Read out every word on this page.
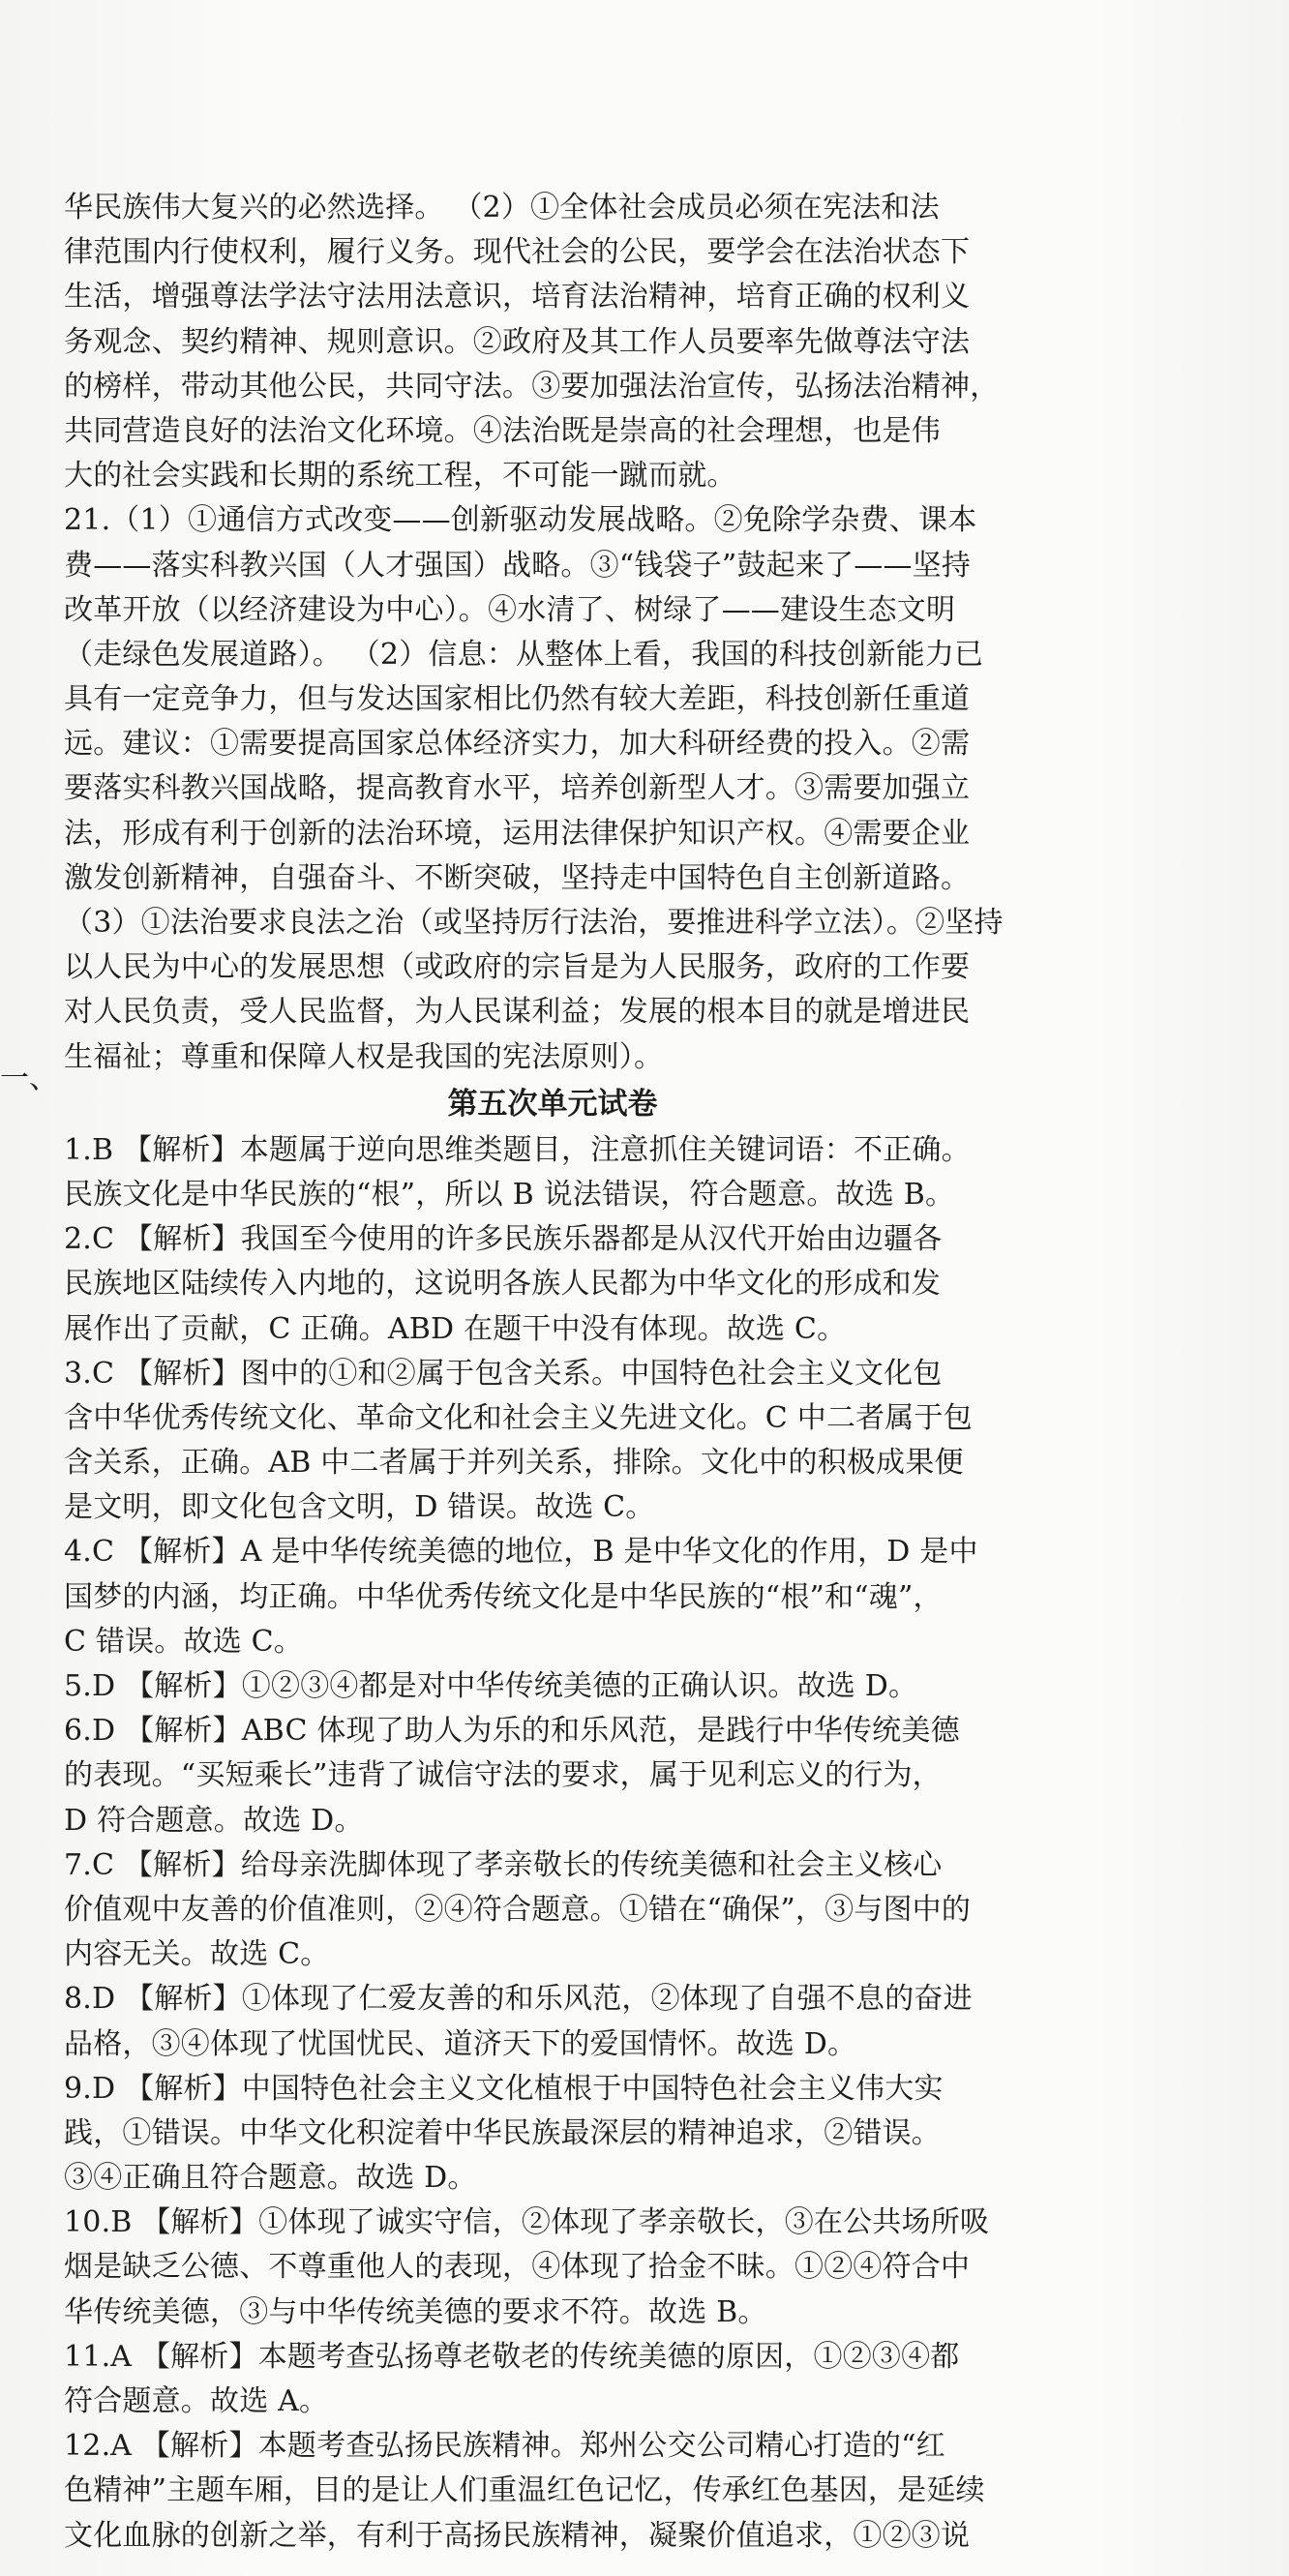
一、
华民族伟大复兴的必然选择。 （2）①全体社会成员必须在宪法和法
律范围内行使权利，履行义务。现代社会的公民，要学会在法治状态下
生活，增强尊法学法守法用法意识，培育法治精神，培育正确的权利义
务观念、契约精神、规则意识。②政府及其工作人员要率先做尊法守法
的榜样，带动其他公民，共同守法。③要加强法治宣传，弘扬法治精神，
共同营造良好的法治文化环境。④法治既是崇高的社会理想，也是伟
大的社会实践和长期的系统工程，不可能一蹴而就。
21.（1）①通信方式改变——创新驱动发展战略。②免除学杂费、课本
费——落实科教兴国（人才强国）战略。③“钱袋子”鼓起来了——坚持
改革开放（以经济建设为中心）。④水清了、树绿了——建设生态文明
（走绿色发展道路）。 （2）信息：从整体上看，我国的科技创新能力已
具有一定竞争力，但与发达国家相比仍然有较大差距，科技创新任重道
远。建议：①需要提高国家总体经济实力，加大科研经费的投入。②需
要落实科教兴国战略，提高教育水平，培养创新型人才。③需要加强立
法，形成有利于创新的法治环境，运用法律保护知识产权。④需要企业
激发创新精神，自强奋斗、不断突破，坚持走中国特色自主创新道路。
（3）①法治要求良法之治（或坚持厉行法治，要推进科学立法）。②坚持
以人民为中心的发展思想（或政府的宗旨是为人民服务，政府的工作要
对人民负责，受人民监督，为人民谋利益；发展的根本目的就是增进民
生福祉；尊重和保障人权是我国的宪法原则）。
第五次单元试卷
1.B 【解析】本题属于逆向思维类题目，注意抓住关键词语：不正确。
民族文化是中华民族的“根”，所以 B 说法错误，符合题意。故选 B。
2.C 【解析】我国至今使用的许多民族乐器都是从汉代开始由边疆各
民族地区陆续传入内地的，这说明各族人民都为中华文化的形成和发
展作出了贡献，C 正确。ABD 在题干中没有体现。故选 C。
3.C 【解析】图中的①和②属于包含关系。中国特色社会主义文化包
含中华优秀传统文化、革命文化和社会主义先进文化。C 中二者属于包
含关系，正确。AB 中二者属于并列关系，排除。文化中的积极成果便
是文明，即文化包含文明，D 错误。故选 C。
4.C 【解析】A 是中华传统美德的地位，B 是中华文化的作用，D 是中
国梦的内涵，均正确。中华优秀传统文化是中华民族的“根”和“魂”，
C 错误。故选 C。
5.D 【解析】①②③④都是对中华传统美德的正确认识。故选 D。
6.D 【解析】ABC 体现了助人为乐的和乐风范，是践行中华传统美德
的表现。“买短乘长”违背了诚信守法的要求，属于见利忘义的行为，
D 符合题意。故选 D。
7.C 【解析】给母亲洗脚体现了孝亲敬长的传统美德和社会主义核心
价值观中友善的价值准则，②④符合题意。①错在“确保”，③与图中的
内容无关。故选 C。
8.D 【解析】①体现了仁爱友善的和乐风范，②体现了自强不息的奋进
品格，③④体现了忧国忧民、道济天下的爱国情怀。故选 D。
9.D 【解析】中国特色社会主义文化植根于中国特色社会主义伟大实
践，①错误。中华文化积淀着中华民族最深层的精神追求，②错误。
③④正确且符合题意。故选 D。
10.B 【解析】①体现了诚实守信，②体现了孝亲敬长，③在公共场所吸
烟是缺乏公德、不尊重他人的表现，④体现了拾金不昧。①②④符合中
华传统美德，③与中华传统美德的要求不符。故选 B。
11.A 【解析】本题考查弘扬尊老敬老的传统美德的原因，①②③④都
符合题意。故选 A。
12.A 【解析】本题考查弘扬民族精神。郑州公交公司精心打造的“红
色精神”主题车厢，目的是让人们重温红色记忆，传承红色基因，是延续
文化血脉的创新之举，有利于高扬民族精神，凝聚价值追求，①②③说
